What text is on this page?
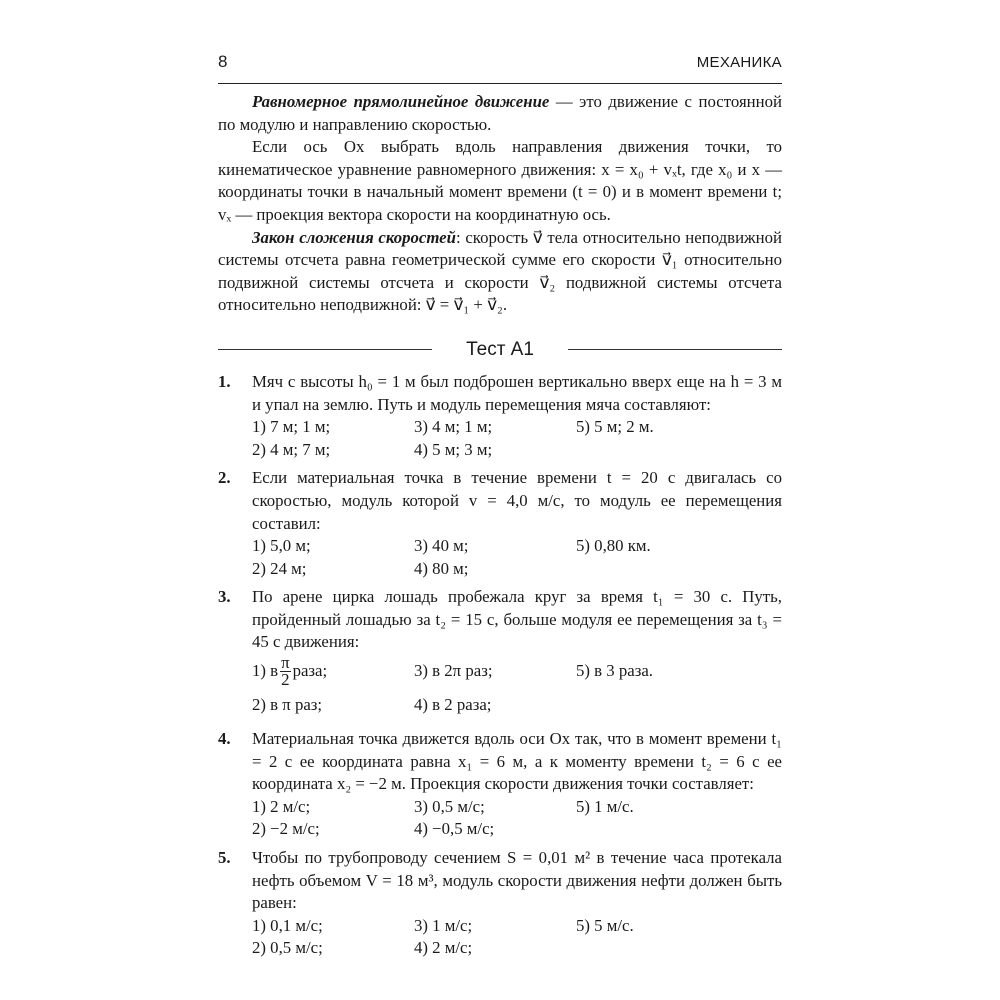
8	МЕХАНИКА

Равномерное прямолинейное движение — это движение с постоянной по модулю и направлению скоростью.

Если ось Ox выбрать вдоль направления движения точки, то кинематическое уравнение равномерного движения: x = x₀ + vₓt, где x₀ и x — координаты точки в начальный момент времени (t = 0) и в момент времени t; vₓ — проекция вектора скорости на координатную ось.

Закон сложения скоростей: скорость v⃗ тела относительно неподвижной системы отсчета равна геометрической сумме его скорости v⃗₁ относительно подвижной системы отсчета и скорости v⃗₂ подвижной системы отсчета относительно неподвижной: v⃗ = v⃗₁ + v⃗₂.

Тест А1
1. Мяч с высоты h₀ = 1 м был подброшен вертикально вверх еще на h = 3 м и упал на землю. Путь и модуль перемещения мяча составляют:
1) 7 м; 1 м;	3) 4 м; 1 м;	5) 5 м; 2 м.
2) 4 м; 7 м;	4) 5 м; 3 м;
2. Если материальная точка в течение времени t = 20 с двигалась со скоростью, модуль которой v = 4,0 м/с, то модуль ее перемещения составил:
1) 5,0 м;	3) 40 м;	5) 0,80 км.
2) 24 м;	4) 80 м;
3. По арене цирка лошадь пробежала круг за время t₁ = 30 с. Путь, пройденный лошадью за t₂ = 15 с, больше модуля ее перемещения за t₃ = 45 с движения:
1) в $\frac{\pi}{2}$ раза;	3) в 2π раз;	5) в 3 раза.
2) в π раз;	4) в 2 раза;
4. Материальная точка движется вдоль оси Ox так, что в момент времени t₁ = 2 с ее координата равна x₁ = 6 м, а к моменту времени t₂ = 6 с ее координата x₂ = −2 м. Проекция скорости движения точки составляет:
1) 2 м/с;	3) 0,5 м/с;	5) 1 м/с.
2) −2 м/с;	4) −0,5 м/с;
5. Чтобы по трубопроводу сечением S = 0,01 м² в течение часа протекала нефть объемом V = 18 м³, модуль скорости движения нефти должен быть равен:
1) 0,1 м/с;	3) 1 м/с;	5) 5 м/с.
2) 0,5 м/с;	4) 2 м/с;
